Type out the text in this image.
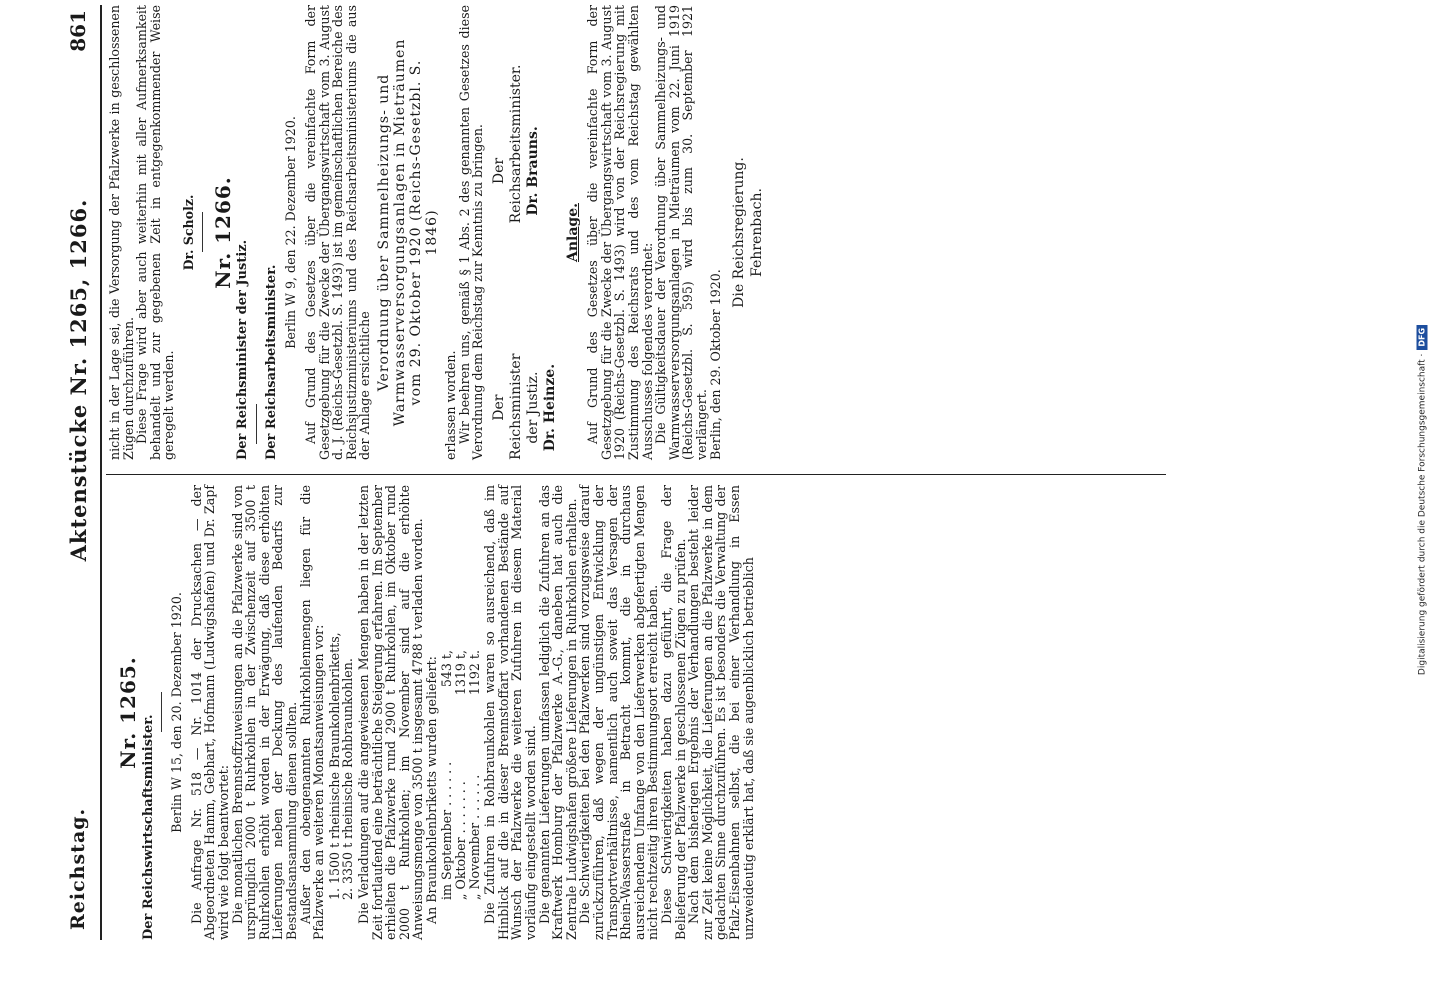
Reichstag.
Aktenstücke Nr. 1265, 1266.
861
Nr. 1265.
Der Reichswirtschaftsminister. Berlin W 15, den 20. Dezember 1920. Die Anfrage Nr. 518 — Nr. 1014 der Drucksachen — der Abgeordneten Hamm, Gebhart, Hofmann (Ludwigshafen) und Dr. Zapf wird wie folgt beantwortet:

Die monatlichen Brennstoffzuweisungen an die Pfalzwerke sind von ursprünglich 2000 t Ruhrkohlen in der Zwischenzeit auf 3500 t Ruhrkohlen erhöht worden in der Erwägung, daß diese erhöhten Lieferungen neben der Deckung des laufenden Bedarfs zur Bestandsansammlung dienen sollten.

Außer den obengenannten Ruhrkohlenmengen liegen für die Pfalzwerke an weiteren Monatsanweisungen vor: 1. 1500 t rheinische Braunkohlenbriketts,
2. 3350 t rheinische Rohbraunkohlen. Die Verladungen auf die angewiesenen Mengen haben in der letzten Zeit fortlaufend eine beträchtliche Steigerung erfahren. Im September erhielten die Pfalzwerke rund 2900 t Ruhrkohlen, im Oktober rund 2000 t Ruhrkohlen; im November sind auf die erhöhte Anweisungsmenge von 3500 t insgesamt 4788 t verladen worden.

An Braunkohlenbriketts wurden geliefert: im September . . . . . .
543 t,
„ Oktober . . . . . . .
1319 t,
„ November . . . . . .
1192 t. Die Zufuhren in Rohbraunkohlen waren so ausreichend, daß im Hinblick auf die in dieser Brennstoffart vorhandenen Bestände auf Wunsch der Pfalzwerke die weiteren Zufuhren in diesem Material vorläufig eingestellt worden sind.

Die genannten Lieferungen umfassen lediglich die Zufuhren an das Kraftwerk Homburg der Pfalzwerke A.-G., daneben hat auch die Zentrale Ludwigshafen größere Lieferungen in Ruhrkohlen erhalten.

Die Schwierigkeiten bei den Pfalzwerken sind vorzugsweise darauf zurückzuführen, daß wegen der ungünstigen Entwicklung der Transportverhältnisse, namentlich auch soweit das Versagen der Rhein-Wasserstraße in Betracht kommt, die in durchaus ausreichendem Umfange von den Lieferwerken abgefertigten Mengen nicht rechtzeitig ihren Bestimmungsort erreicht haben.

Diese Schwierigkeiten haben dazu geführt, die Frage der Belieferung der Pfalzwerke in geschlossenen Zügen zu prüfen.

Nach dem bisherigen Ergebnis der Verhandlungen besteht leider zur Zeit keine Möglichkeit, die Lieferungen an die Pfalzwerke in dem gedachten Sinne durchzuführen. Es ist besonders die Verwaltung der Pfalz-Eisenbahnen selbst, die bei einer Verhandlung in Essen unzweideutig erklärt hat, daß sie augenblicklich betrieblich

nicht in der Lage sei, die Versorgung der Pfalzwerke in geschlossenen Zügen durchzuführen.

Diese Frage wird aber auch weiterhin mit aller Aufmerksamkeit behandelt und zur gegebenen Zeit in entgegenkommender Weise geregelt werden.

Dr. Scholz. Nr. 1266.
Der Reichsminister der Justiz. Der Reichsarbeitsminister.
Berlin W 9, den 22. Dezember 1920. Auf Grund des Gesetzes über die vereinfachte Form der Gesetzgebung für die Zwecke der Übergangswirtschaft vom 3. August d. J. (Reichs-Gesetzbl. S. 1493) ist im gemeinschaftlichen Bereiche des Reichsjustizministeriums und des Reichsarbeitsministeriums die aus der Anlage ersichtliche Verordnung über Sammelheizungs- und Warmwasserversorgungsanlagen in Mieträumen vom 29. Oktober 1920 (Reichs-Gesetzbl. S. 1846)

erlassen worden.

Wir beehren uns, gemäß § 1 Abs. 2 des genannten Gesetzes diese Verordnung dem Reichstag zur Kenntnis zu bringen. Der Reichsminister der Justiz. Dr. Heinze.
Der Reichsarbeitsminister. Dr. Brauns.
Anlage. Auf Grund des Gesetzes über die vereinfachte Form der Gesetzgebung für die Zwecke der Übergangswirtschaft vom 3. August 1920 (Reichs-Gesetzbl. S. 1493) wird von der Reichsregierung mit Zustimmung des Reichsrats und des vom Reichstag gewählten Ausschusses folgendes verordnet:

Die Gültigkeitsdauer der Verordnung über Sammelheizungs- und Warmwasserversorgungsanlagen in Mieträumen vom 22. Juni 1919 (Reichs-Gesetzbl. S. 595) wird bis zum 30. September 1921 verlängert.

Berlin, den 29. Oktober 1920.

Die Reichsregierung. Fehrenbach.
Digitalisierung gefördert durch die Deutsche Forschungsgemeinschaft ·
DFG
